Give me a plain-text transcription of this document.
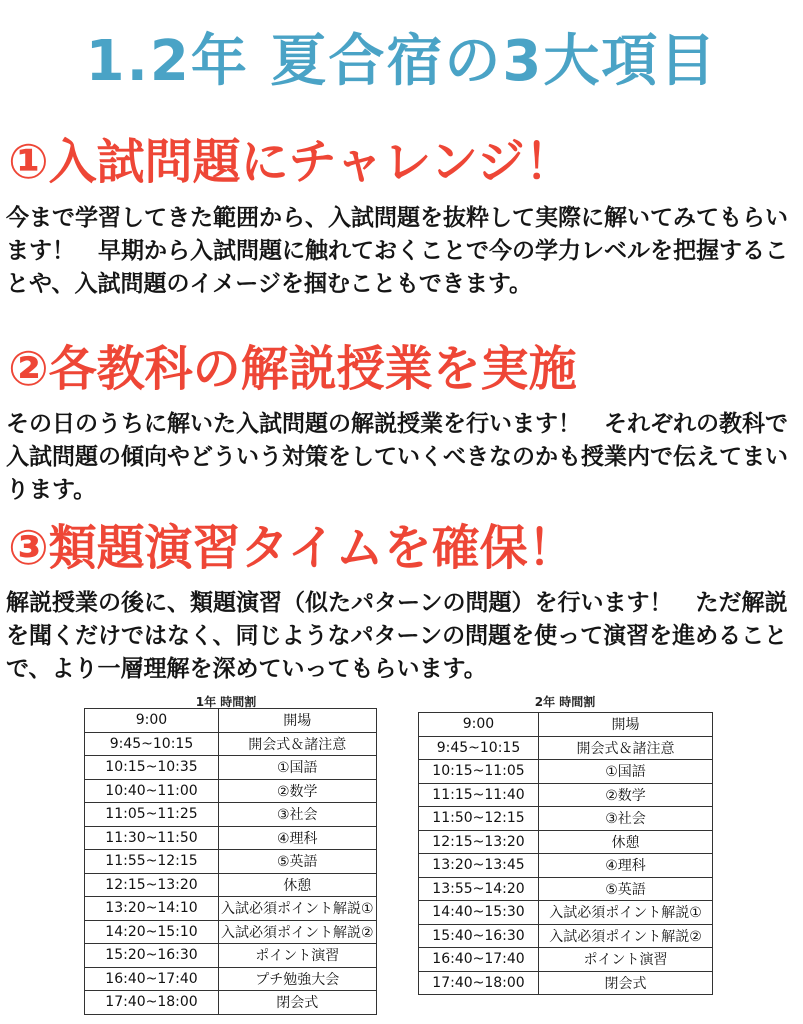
1.2年 夏合宿の3大項目
①入試問題にチャレンジ！
今まで学習してきた範囲から、入試問題を抜粋して実際に解いてみてもらいます！　早期から入試問題に触れておくことで今の学力レベルを把握することや、入試問題のイメージを掴むこともできます。
②各教科の解説授業を実施
その日のうちに解いた入試問題の解説授業を行います！　それぞれの教科で入試問題の傾向やどういう対策をしていくべきなのかも授業内で伝えてまいります。
③類題演習タイムを確保！
解説授業の後に、類題演習（似たパターンの問題）を行います！　ただ解説を聞くだけではなく、同じようなパターンの問題を使って演習を進めることで、より一層理解を深めていってもらいます。
1年 時間割
9:00	開場
9:45~10:15	開会式＆諸注意
10:15~10:35	①国語
10:40~11:00	②数学
11:05~11:25	③社会
11:30~11:50	④理科
11:55~12:15	⑤英語
12:15~13:20	休憩
13:20~14:10	入試必須ポイント解説①
14:20~15:10	入試必須ポイント解説②
15:20~16:30	ポイント演習
16:40~17:40	プチ勉強大会
17:40~18:00	閉会式
2年 時間割
9:00	開場
9:45~10:15	開会式＆諸注意
10:15~11:05	①国語
11:15~11:40	②数学
11:50~12:15	③社会
12:15~13:20	休憩
13:20~13:45	④理科
13:55~14:20	⑤英語
14:40~15:30	入試必須ポイント解説①
15:40~16:30	入試必須ポイント解説②
16:40~17:40	ポイント演習
17:40~18:00	閉会式
